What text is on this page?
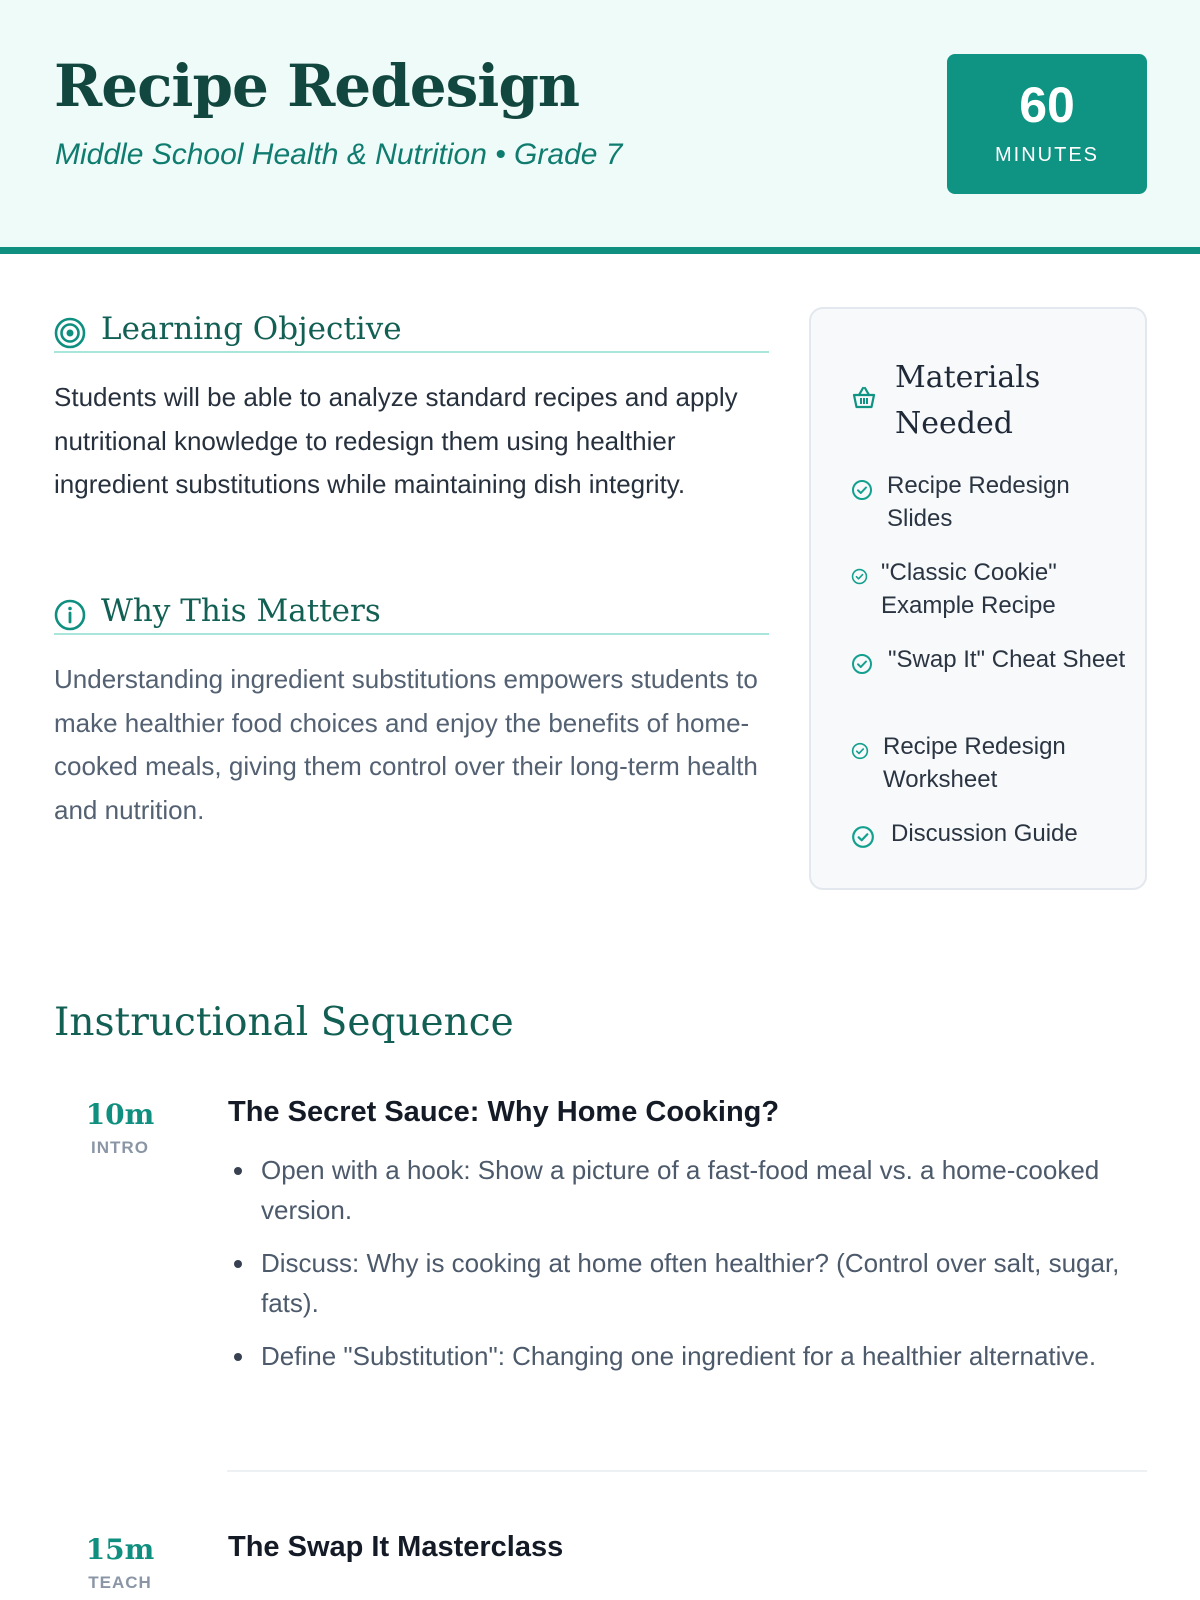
Recipe Redesign
Middle School Health & Nutrition • Grade 7
60
MINUTES
Learning Objective
Students will be able to analyze standard recipes and apply nutritional knowledge to redesign them using healthier ingredient substitutions while maintaining dish integrity.
Why This Matters
Understanding ingredient substitutions empowers students to make healthier food choices and enjoy the benefits of home-cooked meals, giving them control over their long-term health and nutrition.
Materials Needed
Recipe Redesign Slides
"Classic Cookie" Example Recipe
"Swap It" Cheat Sheet
Recipe Redesign Worksheet
Discussion Guide
Instructional Sequence
10m
INTRO
The Secret Sauce: Why Home Cooking?
Open with a hook: Show a picture of a fast-food meal vs. a home-cooked version.
Discuss: Why is cooking at home often healthier? (Control over salt, sugar, fats).
Define "Substitution": Changing one ingredient for a healthier alternative.
15m
TEACH
The Swap It Masterclass
